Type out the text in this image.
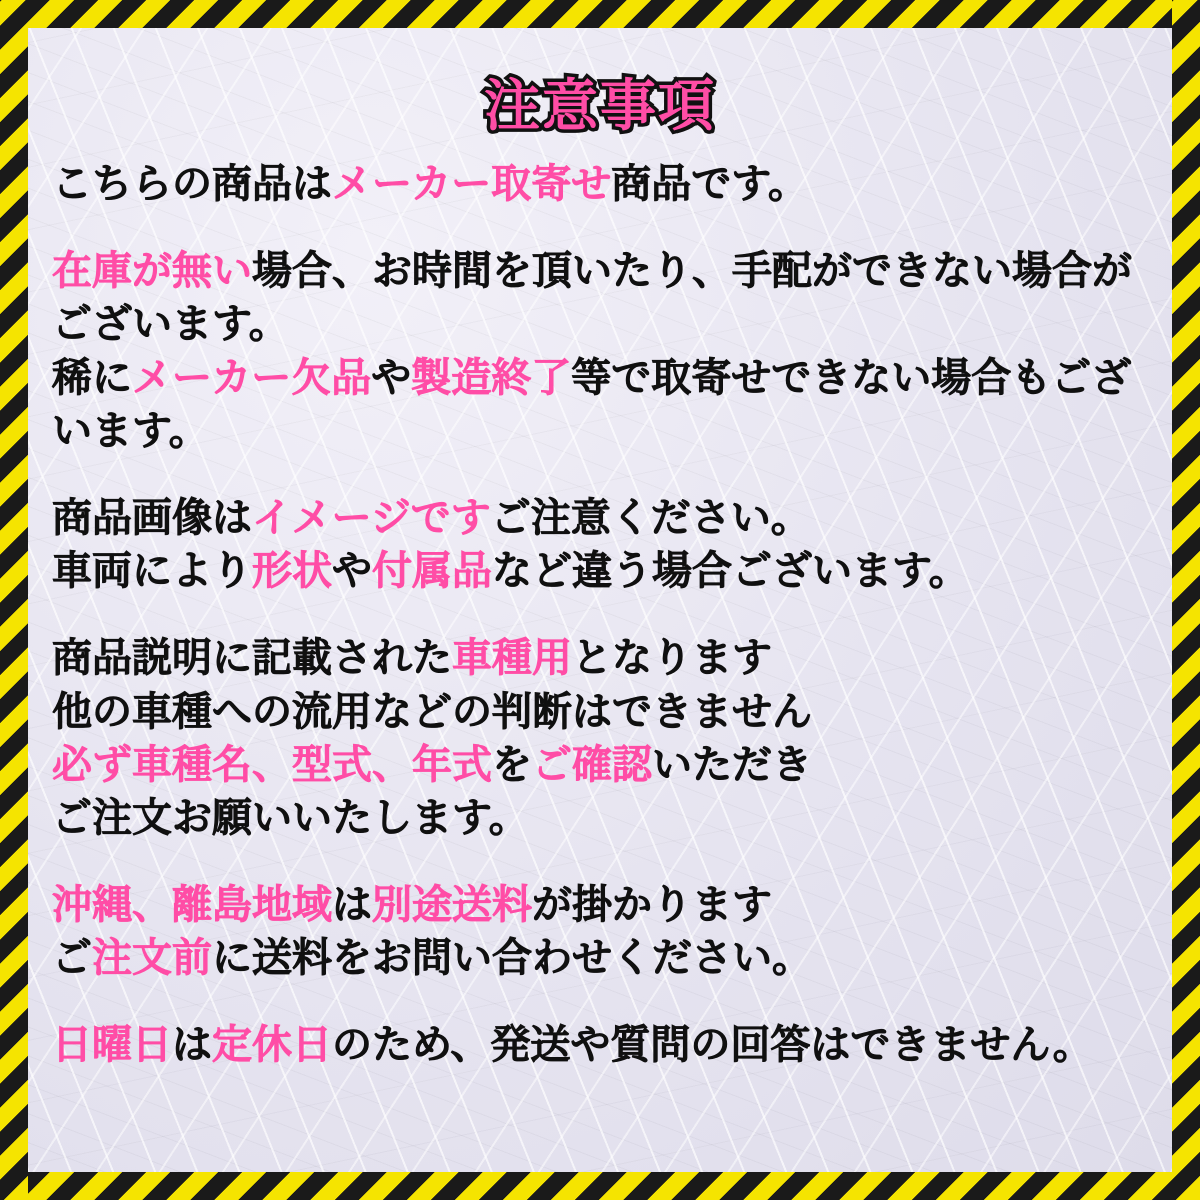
注意事項
こちらの商品はメーカー取寄せ商品です。
在庫が無い場合、お時間を頂いたり、手配ができない場合がございます。
稀にメーカー欠品や製造終了等で取寄せできない場合もございます。
商品画像はイメージですご注意ください。
車両により形状や付属品など違う場合ございます。
商品説明に記載された車種用となります
他の車種への流用などの判断はできません
必ず車種名、型式、年式をご確認いただき
ご注文お願いいたします。
沖縄、離島地域は別途送料が掛かります
ご注文前に送料をお問い合わせください。
日曜日は定休日のため、発送や質問の回答はできません。
